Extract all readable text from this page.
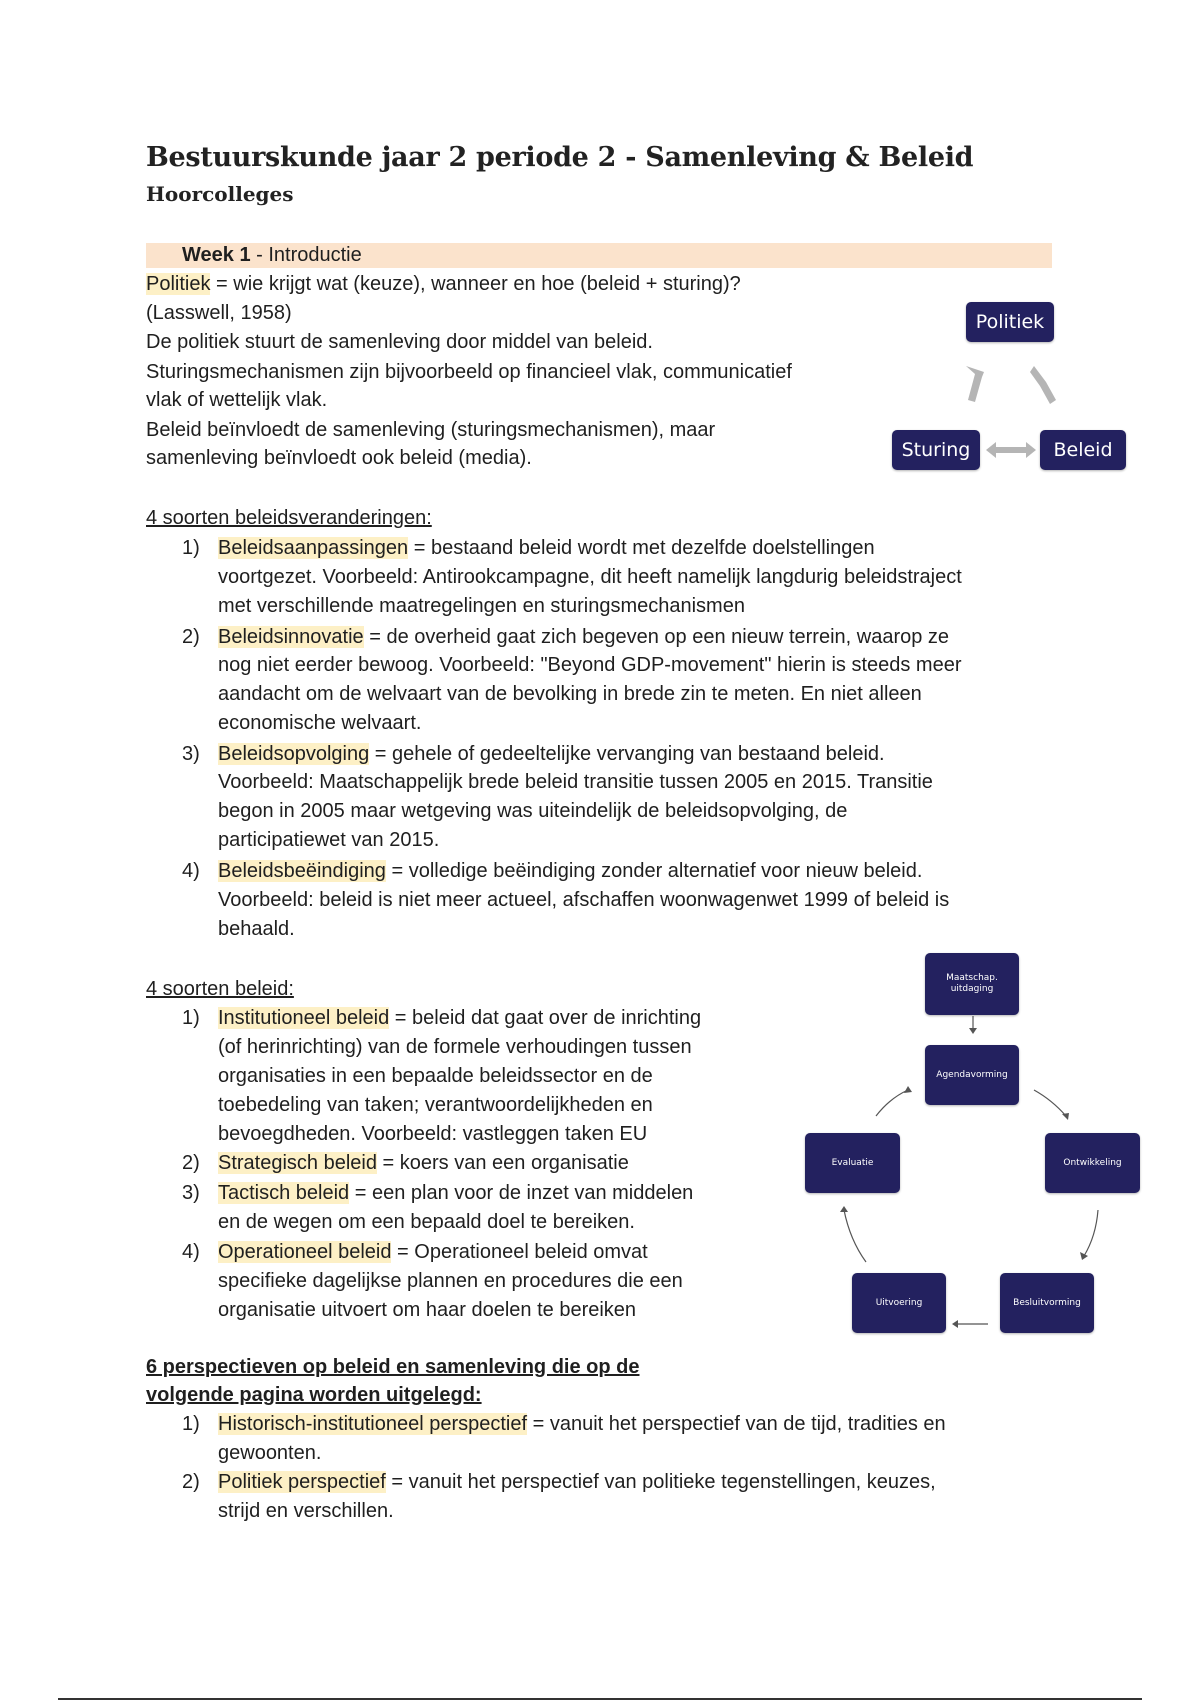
Bestuurskunde jaar 2 periode 2 - Samenleving & Beleid
Hoorcolleges
Week 1 - Introductie
Politiek = wie krijgt wat (keuze), wanneer en hoe (beleid + sturing)?
(Lasswell, 1958)
De politiek stuurt de samenleving door middel van beleid.
Sturingsmechanismen zijn bijvoorbeeld op financieel vlak, communicatief
vlak of wettelijk vlak.
Beleid beïnvloedt de samenleving (sturingsmechanismen), maar
samenleving beïnvloedt ook beleid (media).
Politiek
Sturing	Beleid
4 soorten beleidsveranderingen:
1) Beleidsaanpassingen = bestaand beleid wordt met dezelfde doelstellingen
voortgezet. Voorbeeld: Antirookcampagne, dit heeft namelijk langdurig beleidstraject
met verschillende maatregelingen en sturingsmechanismen
2) Beleidsinnovatie = de overheid gaat zich begeven op een nieuw terrein, waarop ze
nog niet eerder bewoog. Voorbeeld: "Beyond GDP-movement" hierin is steeds meer
aandacht om de welvaart van de bevolking in brede zin te meten. En niet alleen
economische welvaart.
3) Beleidsopvolging = gehele of gedeeltelijke vervanging van bestaand beleid.
Voorbeeld: Maatschappelijk brede beleid transitie tussen 2005 en 2015. Transitie
begon in 2005 maar wetgeving was uiteindelijk de beleidsopvolging, de
participatiewet van 2015.
4) Beleidsbeëindiging = volledige beëindiging zonder alternatief voor nieuw beleid.
Voorbeeld: beleid is niet meer actueel, afschaffen woonwagenwet 1999 of beleid is
behaald.
4 soorten beleid:
1) Institutioneel beleid = beleid dat gaat over de inrichting
(of herinrichting) van de formele verhoudingen tussen
organisaties in een bepaalde beleidssector en de
toebedeling van taken; verantwoordelijkheden en
bevoegdheden. Voorbeeld: vastleggen taken EU
2) Strategisch beleid = koers van een organisatie
3) Tactisch beleid = een plan voor de inzet van middelen
en de wegen om een bepaald doel te bereiken.
4) Operationeel beleid = Operationeel beleid omvat
specifieke dagelijkse plannen en procedures die een
organisatie uitvoert om haar doelen te bereiken
Maatschap.
uitdaging
Agendavorming
Evaluatie	Ontwikkeling
Uitvoering	Besluitvorming
6 perspectieven op beleid en samenleving die op de
volgende pagina worden uitgelegd:
1) Historisch-institutioneel perspectief = vanuit het perspectief van de tijd, tradities en
gewoonten.
2) Politiek perspectief = vanuit het perspectief van politieke tegenstellingen, keuzes,
strijd en verschillen.
